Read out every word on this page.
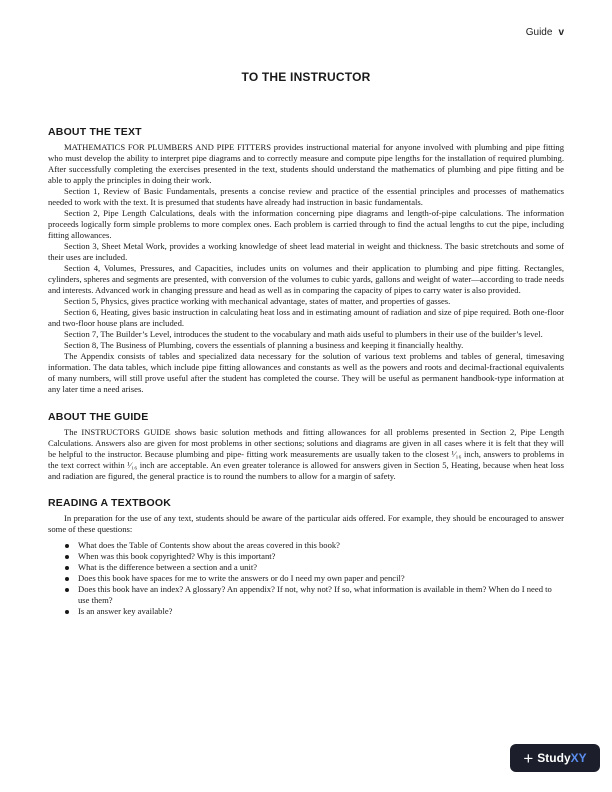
Guide v
TO THE INSTRUCTOR
ABOUT THE TEXT

MATHEMATICS FOR PLUMBERS AND PIPE FITTERS provides instructional material for anyone involved with plumbing and pipe fitting who must develop the ability to interpret pipe diagrams and to correctly measure and compute pipe lengths for the installation of required plumbing. After successfully completing the exercises presented in the text, students should understand the mathematics of plumbing and pipe fitting and be able to apply the principles in doing their work.

Section 1, Review of Basic Fundamentals, presents a concise review and practice of the essential principles and processes of mathematics needed to work with the text. It is presumed that students have already had instruction in basic fundamentals.

Section 2, Pipe Length Calculations, deals with the information concerning pipe diagrams and length-of-pipe calculations. The information proceeds logically form simple problems to more complex ones. Each problem is carried through to find the actual lengths to cut the pipe, including fitting allowances.

Section 3, Sheet Metal Work, provides a working knowledge of sheet lead material in weight and thickness. The basic stretchouts and some of their uses are included.

Section 4, Volumes, Pressures, and Capacities, includes units on volumes and their application to plumbing and pipe fitting. Rectangles, cylinders, spheres and segments are presented, with conversion of the volumes to cubic yards, gallons and weight of water—according to trade needs and interests. Advanced work in changing pressure and head as well as in comparing the capacity of pipes to carry water is also provided.

Section 5, Physics, gives practice working with mechanical advantage, states of matter, and properties of gasses.

Section 6, Heating, gives basic instruction in calculating heat loss and in estimating amount of radiation and size of pipe required. Both one-floor and two-floor house plans are included.

Section 7, The Builder’s Level, introduces the student to the vocabulary and math aids useful to plumbers in their use of the builder’s level.

Section 8, The Business of Plumbing, covers the essentials of planning a business and keeping it financially healthy.

The Appendix consists of tables and specialized data necessary for the solution of various text problems and tables of general, timesaving information. The data tables, which include pipe fitting allowances and constants as well as the powers and roots and decimal-fractional equivalents of many numbers, will still prove useful after the student has completed the course. They will be useful as permanent handbook-type information at any later time a need arises.

ABOUT THE GUIDE

The INSTRUCTORS GUIDE shows basic solution methods and fitting allowances for all problems presented in Section 2, Pipe Length Calculations. Answers also are given for most problems in other sections; solutions and diagrams are given in all cases where it is felt that they will be helpful to the instructor. Because plumbing and pipe- fitting work measurements are usually taken to the closest ¹⁄₁₆ inch, answers to problems in the text correct within ¹⁄₁₆ inch are acceptable. An even greater tolerance is allowed for answers given in Section 5, Heating, because when heat loss and radiation are figured, the general practice is to round the numbers to allow for a margin of safety.

READING A TEXTBOOK

In preparation for the use of any text, students should be aware of the particular aids offered. For example, they should be encouraged to answer some of these questions:

What does the Table of Contents show about the areas covered in this book?
When was this book copyrighted? Why is this important?
What is the difference between a section and a unit?
Does this book have spaces for me to write the answers or do I need my own paper and pencil?
Does this book have an index? A glossary? An appendix? If not, why not? If so, what information is available in them? When do I need to use them?
Is an answer key available?
+ Study XY
